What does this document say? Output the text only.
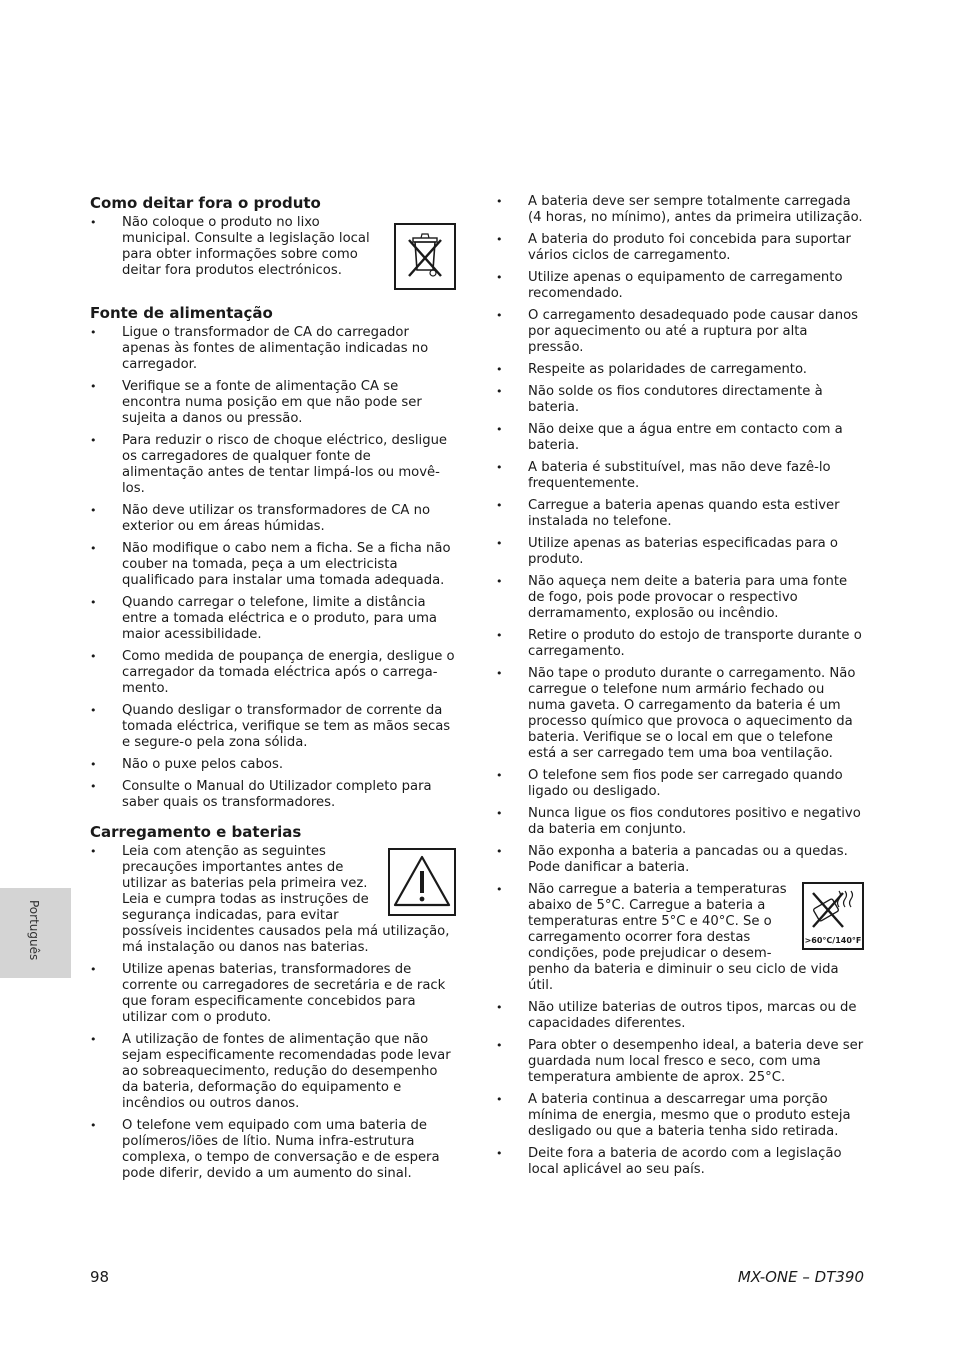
Português
Como deitar fora o produto
• Não coloque o produto no lixo municipal. Consulte a legislação local para obter informações sobre como deitar fora produtos electrónicos.
Fonte de alimentação
• Ligue o transformador de CA do carregador apenas às fontes de alimentação indicadas no carregador.
• Verifique se a fonte de alimentação CA se encontra numa posição em que não pode ser sujeita a danos ou pressão.
• Para reduzir o risco de choque eléctrico, desligue os carregadores de qualquer fonte de alimentação antes de tentar limpá-los ou movê-los.
• Não deve utilizar os transformadores de CA no exterior ou em áreas húmidas.
• Não modifique o cabo nem a ficha. Se a ficha não couber na tomada, peça a um electricista qualificado para instalar uma tomada adequada.
• Quando carregar o telefone, limite a distância entre a tomada eléctrica e o produto, para uma maior acessibilidade.
• Como medida de poupança de energia, desligue o carregador da tomada eléctrica após o carrega-mento.
• Quando desligar o transformador de corrente da tomada eléctrica, verifique se tem as mãos secas e segure-o pela zona sólida.
• Não o puxe pelos cabos.
• Consulte o Manual do Utilizador completo para saber quais os transformadores.
Carregamento e baterias
• Leia com atenção as seguintes precauções importantes antes de utilizar as baterias pela primeira vez. Leia e cumpra todas as instruções de segurança indicadas, para evitar possíveis incidentes causados pela má utilização, má instalação ou danos nas baterias.
• Utilize apenas baterias, transformadores de corrente ou carregadores de secretária e de rack que foram especificamente concebidos para utilizar com o produto.
• A utilização de fontes de alimentação que não sejam especificamente recomendadas pode levar ao sobreaquecimento, redução do desempenho da bateria, deformação do equipamento e incêndios ou outros danos.
• O telefone vem equipado com uma bateria de polímeros/iões de lítio. Numa infra-estrutura complexa, o tempo de conversação e de espera pode diferir, devido a um aumento do sinal.
• A bateria deve ser sempre totalmente carregada (4 horas, no mínimo), antes da primeira utilização.
• A bateria do produto foi concebida para suportar vários ciclos de carregamento.
• Utilize apenas o equipamento de carregamento recomendado.
• O carregamento desadequado pode causar danos por aquecimento ou até a ruptura por alta pressão.
• Respeite as polaridades de carregamento.
• Não solde os fios condutores directamente à bateria.
• Não deixe que a água entre em contacto com a bateria.
• A bateria é substituível, mas não deve fazê-lo frequentemente.
• Carregue a bateria apenas quando esta estiver instalada no telefone.
• Utilize apenas as baterias especificadas para o produto.
• Não aqueça nem deite a bateria para uma fonte de fogo, pois pode provocar o respectivo derramamento, explosão ou incêndio.
• Retire o produto do estojo de transporte durante o carregamento.
• Não tape o produto durante o carregamento. Não carregue o telefone num armário fechado ou numa gaveta. O carregamento da bateria é um processo químico que provoca o aquecimento da bateria. Verifique se o local em que o telefone está a ser carregado tem uma boa ventilação.
• O telefone sem fios pode ser carregado quando ligado ou desligado.
• Nunca ligue os fios condutores positivo e negativo da bateria em conjunto.
• Não exponha a bateria a pancadas ou a quedas. Pode danificar a bateria.
• >60°C/140°F
Não carregue a bateria a temperaturas abaixo de 5°C. Carregue a bateria a temperaturas entre 5°C e 40°C. Se o carregamento ocorrer fora destas condições, pode prejudicar o desem-penho da bateria e diminuir o seu ciclo de vida útil.
• Não utilize baterias de outros tipos, marcas ou de capacidades diferentes.
• Para obter o desempenho ideal, a bateria deve ser guardada num local fresco e seco, com uma temperatura ambiente de aprox. 25°C.
• A bateria continua a descarregar uma porção mínima de energia, mesmo que o produto esteja desligado ou que a bateria tenha sido retirada.
• Deite fora a bateria de acordo com a legislação local aplicável ao seu país.
98	MX-ONE – DT390
